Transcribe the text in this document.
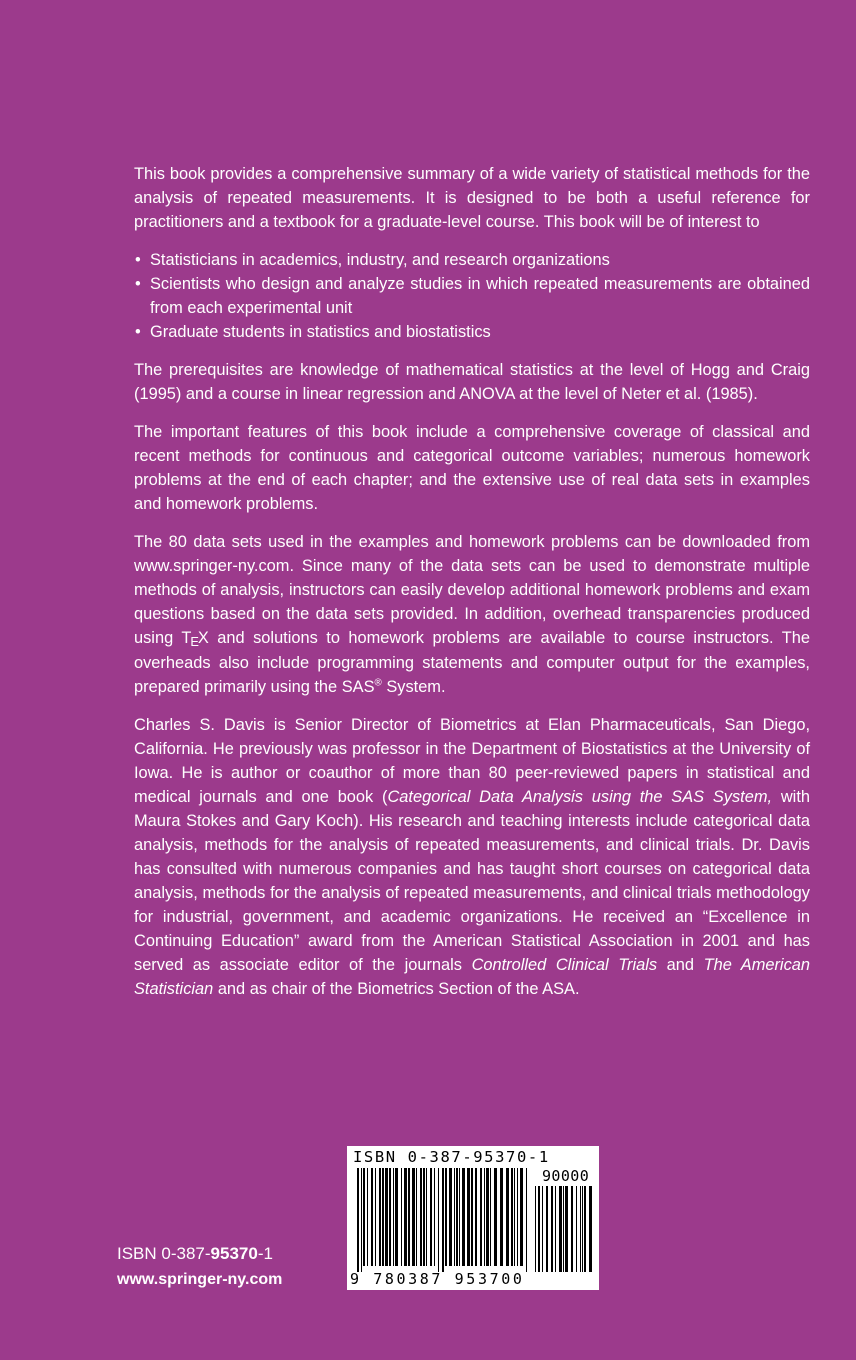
This book provides a comprehensive summary of a wide variety of statistical methods for the analysis of repeated measurements. It is designed to be both a useful reference for practitioners and a textbook for a graduate-level course. This book will be of interest to

• Statisticians in academics, industry, and research organizations
• Scientists who design and analyze studies in which repeated measurements are obtained from each experimental unit
• Graduate students in statistics and biostatistics

The prerequisites are knowledge of mathematical statistics at the level of Hogg and Craig (1995) and a course in linear regression and ANOVA at the level of Neter et al. (1985).

The important features of this book include a comprehensive coverage of classical and recent methods for continuous and categorical outcome variables; numerous homework problems at the end of each chapter; and the extensive use of real data sets in examples and homework problems.

The 80 data sets used in the examples and homework problems can be downloaded from www.springer-ny.com. Since many of the data sets can be used to demonstrate multiple methods of analysis, instructors can easily develop additional homework problems and exam questions based on the data sets provided. In addition, overhead transparencies produced using TEX and solutions to homework problems are available to course instructors. The overheads also include programming statements and computer output for the examples, prepared primarily using the SAS® System.

Charles S. Davis is Senior Director of Biometrics at Elan Pharmaceuticals, San Diego, California. He previously was professor in the Department of Biostatistics at the University of Iowa. He is author or coauthor of more than 80 peer-reviewed papers in statistical and medical journals and one book (Categorical Data Analysis using the SAS System, with Maura Stokes and Gary Koch). His research and teaching interests include categorical data analysis, methods for the analysis of repeated measurements, and clinical trials. Dr. Davis has consulted with numerous companies and has taught short courses on categorical data analysis, methods for the analysis of repeated measurements, and clinical trials methodology for industrial, government, and academic organizations. He received an “Excellence in Continuing Education” award from the American Statistical Association in 2001 and has served as associate editor of the journals Controlled Clinical Trials and The American Statistician and as chair of the Biometrics Section of the ASA.

ISBN 0-387-95370-1
90000
9 780387 953700
ISBN 0-387-95370-1
www.springer-ny.com
